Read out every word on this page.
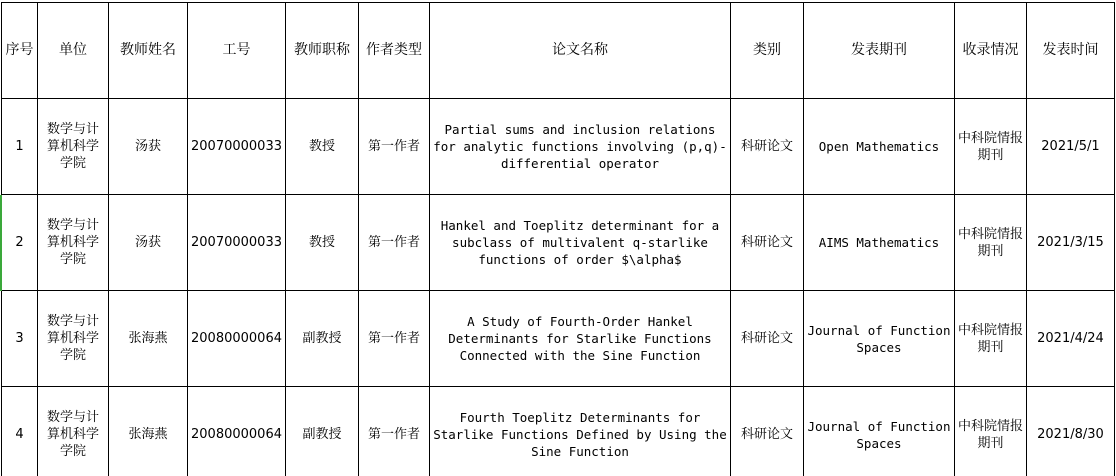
序号	单位	教师姓名	工号	教师职称	作者类型	论文名称	类别	发表期刊	收录情况	发表时间
1	数学与计算机科学学院	汤获	20070000033	教授	第一作者	Partial sums and inclusion relations for analytic functions involving (p,q)-differential operator	科研论文	Open Mathematics	中科院情报期刊	2021/5/1
2	数学与计算机科学学院	汤获	20070000033	教授	第一作者	Hankel and Toeplitz determinant for a subclass of multivalent q-starlike functions of order $\alpha$	科研论文	AIMS Mathematics	中科院情报期刊	2021/3/15
3	数学与计算机科学学院	张海燕	20080000064	副教授	第一作者	A Study of Fourth-Order Hankel Determinants for Starlike Functions Connected with the Sine Function	科研论文	Journal of Function Spaces	中科院情报期刊	2021/4/24
4	数学与计算机科学学院	张海燕	20080000064	副教授	第一作者	Fourth Toeplitz Determinants for Starlike Functions Defined by Using the Sine Function	科研论文	Journal of Function Spaces	中科院情报期刊	2021/8/30
